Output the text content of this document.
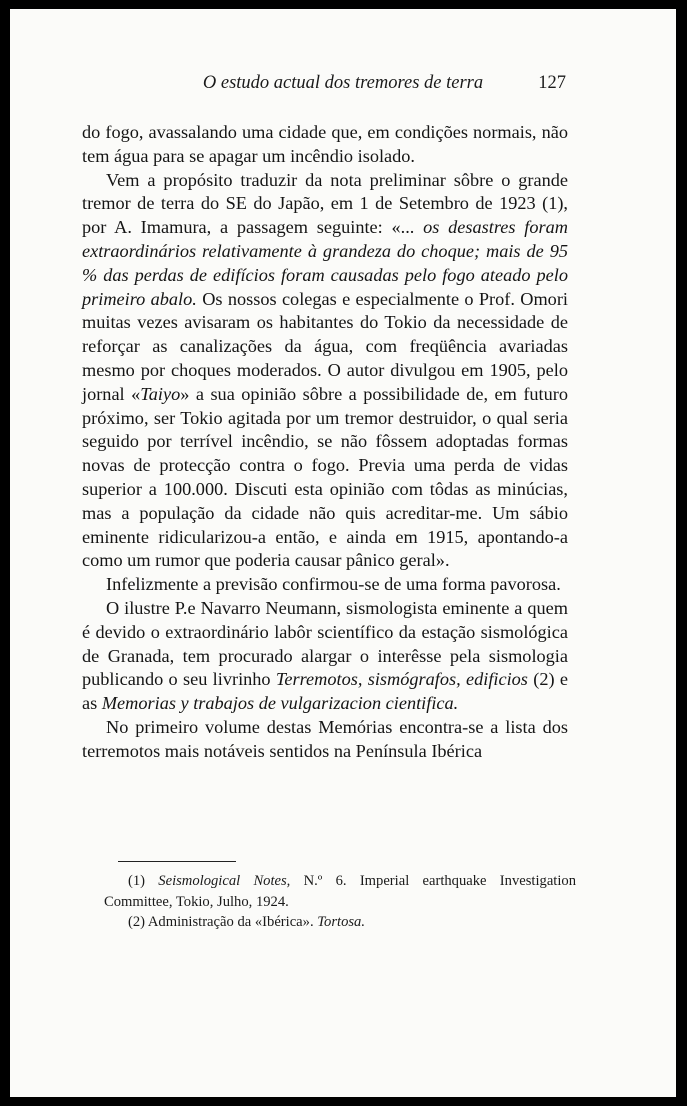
O estudo actual dos tremores de terra	127

do fogo, avassalando uma cidade que, em condições normais, não tem água para se apagar um incêndio isolado.

Vem a propósito traduzir da nota preliminar sôbre o grande tremor de terra do SE do Japão, em 1 de Setembro de 1923 (1), por A. Imamura, a passagem seguinte: «... os desastres foram extraordinários relativamente à grandeza do choque; mais de 95 % das perdas de edifícios foram causadas pelo fogo ateado pelo primeiro abalo. Os nossos colegas e especialmente o Prof. Omori muitas vezes avisaram os habitantes do Tokio da necessidade de reforçar as canalizações da água, com freqüência avariadas mesmo por choques moderados. O autor divulgou em 1905, pelo jornal «Taiyo» a sua opinião sôbre a possibilidade de, em futuro próximo, ser Tokio agitada por um tremor destruidor, o qual seria seguido por terrível incêndio, se não fôssem adoptadas formas novas de protecção contra o fogo. Previa uma perda de vidas superior a 100.000. Discuti esta opinião com tôdas as minúcias, mas a população da cidade não quis acreditar-me. Um sábio eminente ridicularizou-a então, e ainda em 1915, apontando-a como um rumor que poderia causar pânico geral».

Infelizmente a previsão confirmou-se de uma forma pavorosa.

O ilustre P.e Navarro Neumann, sismologista eminente a quem é devido o extraordinário labôr scientífico da estação sismológica de Granada, tem procurado alargar o interêsse pela sismologia publicando o seu livrinho Terremotos, sismógrafos, edificios (2) e as Memorias y trabajos de vulgarizacion cientifica.

No primeiro volume destas Memórias encontra-se a lista dos terremotos mais notáveis sentidos na Península Ibérica

(1) Seismological Notes, N.º 6. Imperial earthquake Investigation Committee, Tokio, Julho, 1924.

(2) Administração da «Ibérica». Tortosa.
